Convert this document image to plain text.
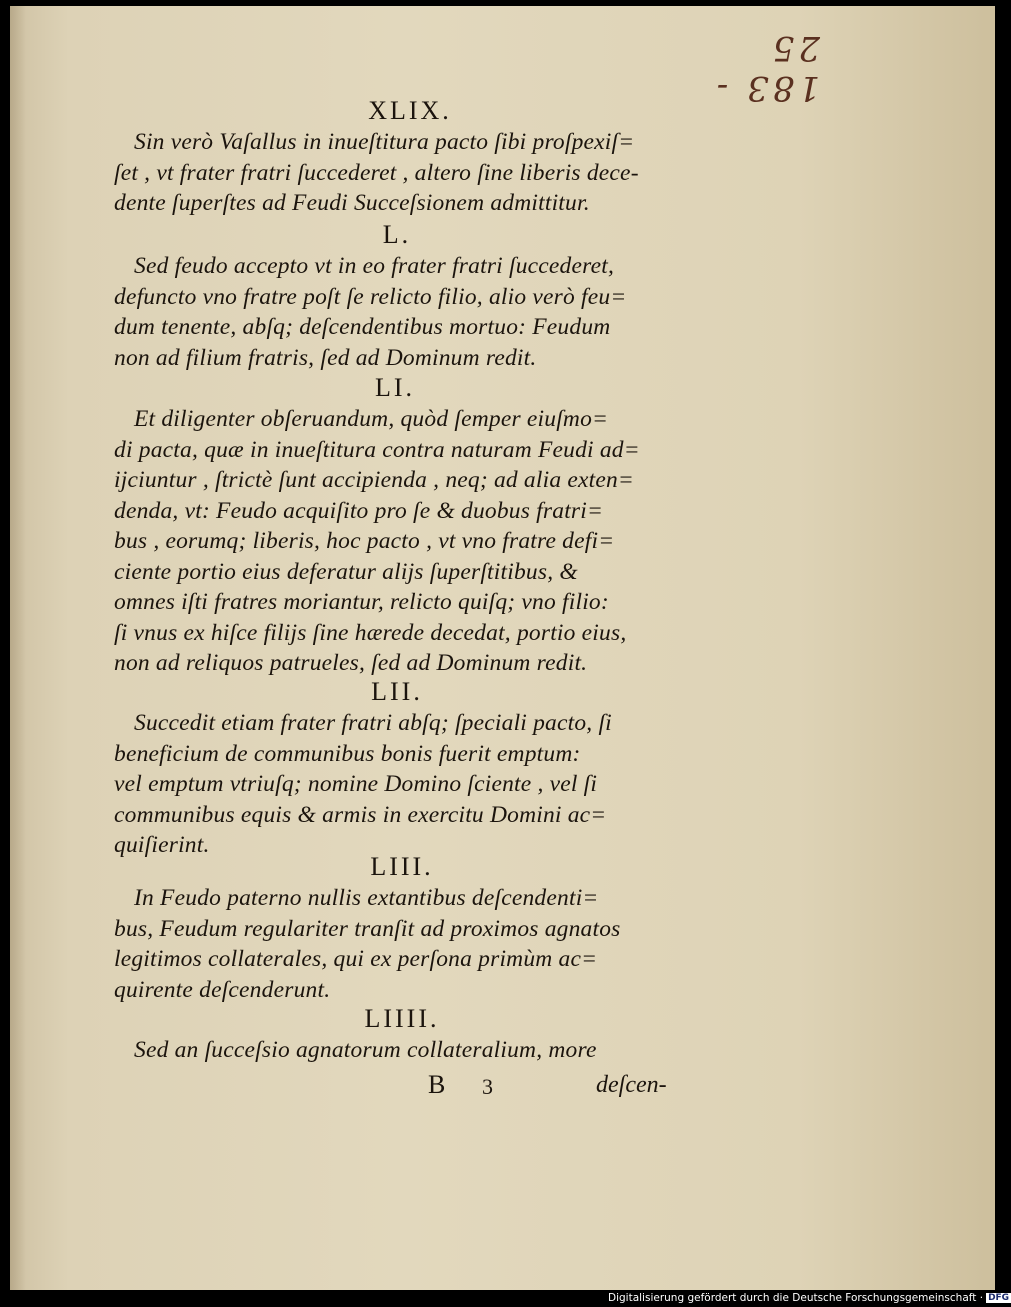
183 - 25
XLIX.
Sin verò Vaſallus in inueſtitura pacto ſibi proſpexiſ=
ſet , vt frater fratri ſuccederet , altero ſine liberis dece-
dente ſuperſtes ad Feudi Succeſsionem admittitur.
L.
Sed feudo accepto vt in eo frater fratri ſuccederet,
defuncto vno fratre poſt ſe relicto filio, alio verò feu=
dum tenente, abſq; deſcendentibus mortuo: Feudum
non ad filium fratris, ſed ad Dominum redit.
LI.
Et diligenter obſeruandum, quòd ſemper eiuſmo=
di pacta, quæ in inueſtitura contra naturam Feudi ad=
ijciuntur , ſtrictè ſunt accipienda , neq; ad alia exten=
denda, vt: Feudo acquiſito pro ſe & duobus fratri=
bus , eorumq; liberis, hoc pacto , vt vno fratre defi=
ciente portio eius deferatur alijs ſuperſtitibus, &
omnes iſti fratres moriantur, relicto quiſq; vno filio:
ſi vnus ex hiſce filijs ſine hærede decedat, portio eius,
non ad reliquos patrueles, ſed ad Dominum redit.
LII.
Succedit etiam frater fratri abſq; ſpeciali pacto, ſi
beneficium de communibus bonis fuerit emptum:
vel emptum vtriuſq; nomine Domino ſciente , vel ſi
communibus equis & armis in exercitu Domini ac=
quiſierint.
LIII.
In Feudo paterno nullis extantibus deſcendenti=
bus, Feudum regulariter tranſit ad proximos agnatos
legitimos collaterales, qui ex perſona primùm ac=
quirente deſcenderunt.
LIIII.
Sed an ſucceſsio agnatorum collateralium, more
B 3	deſcen-
Digitalisierung gefördert durch die Deutsche Forschungsgemeinschaft · DFG
